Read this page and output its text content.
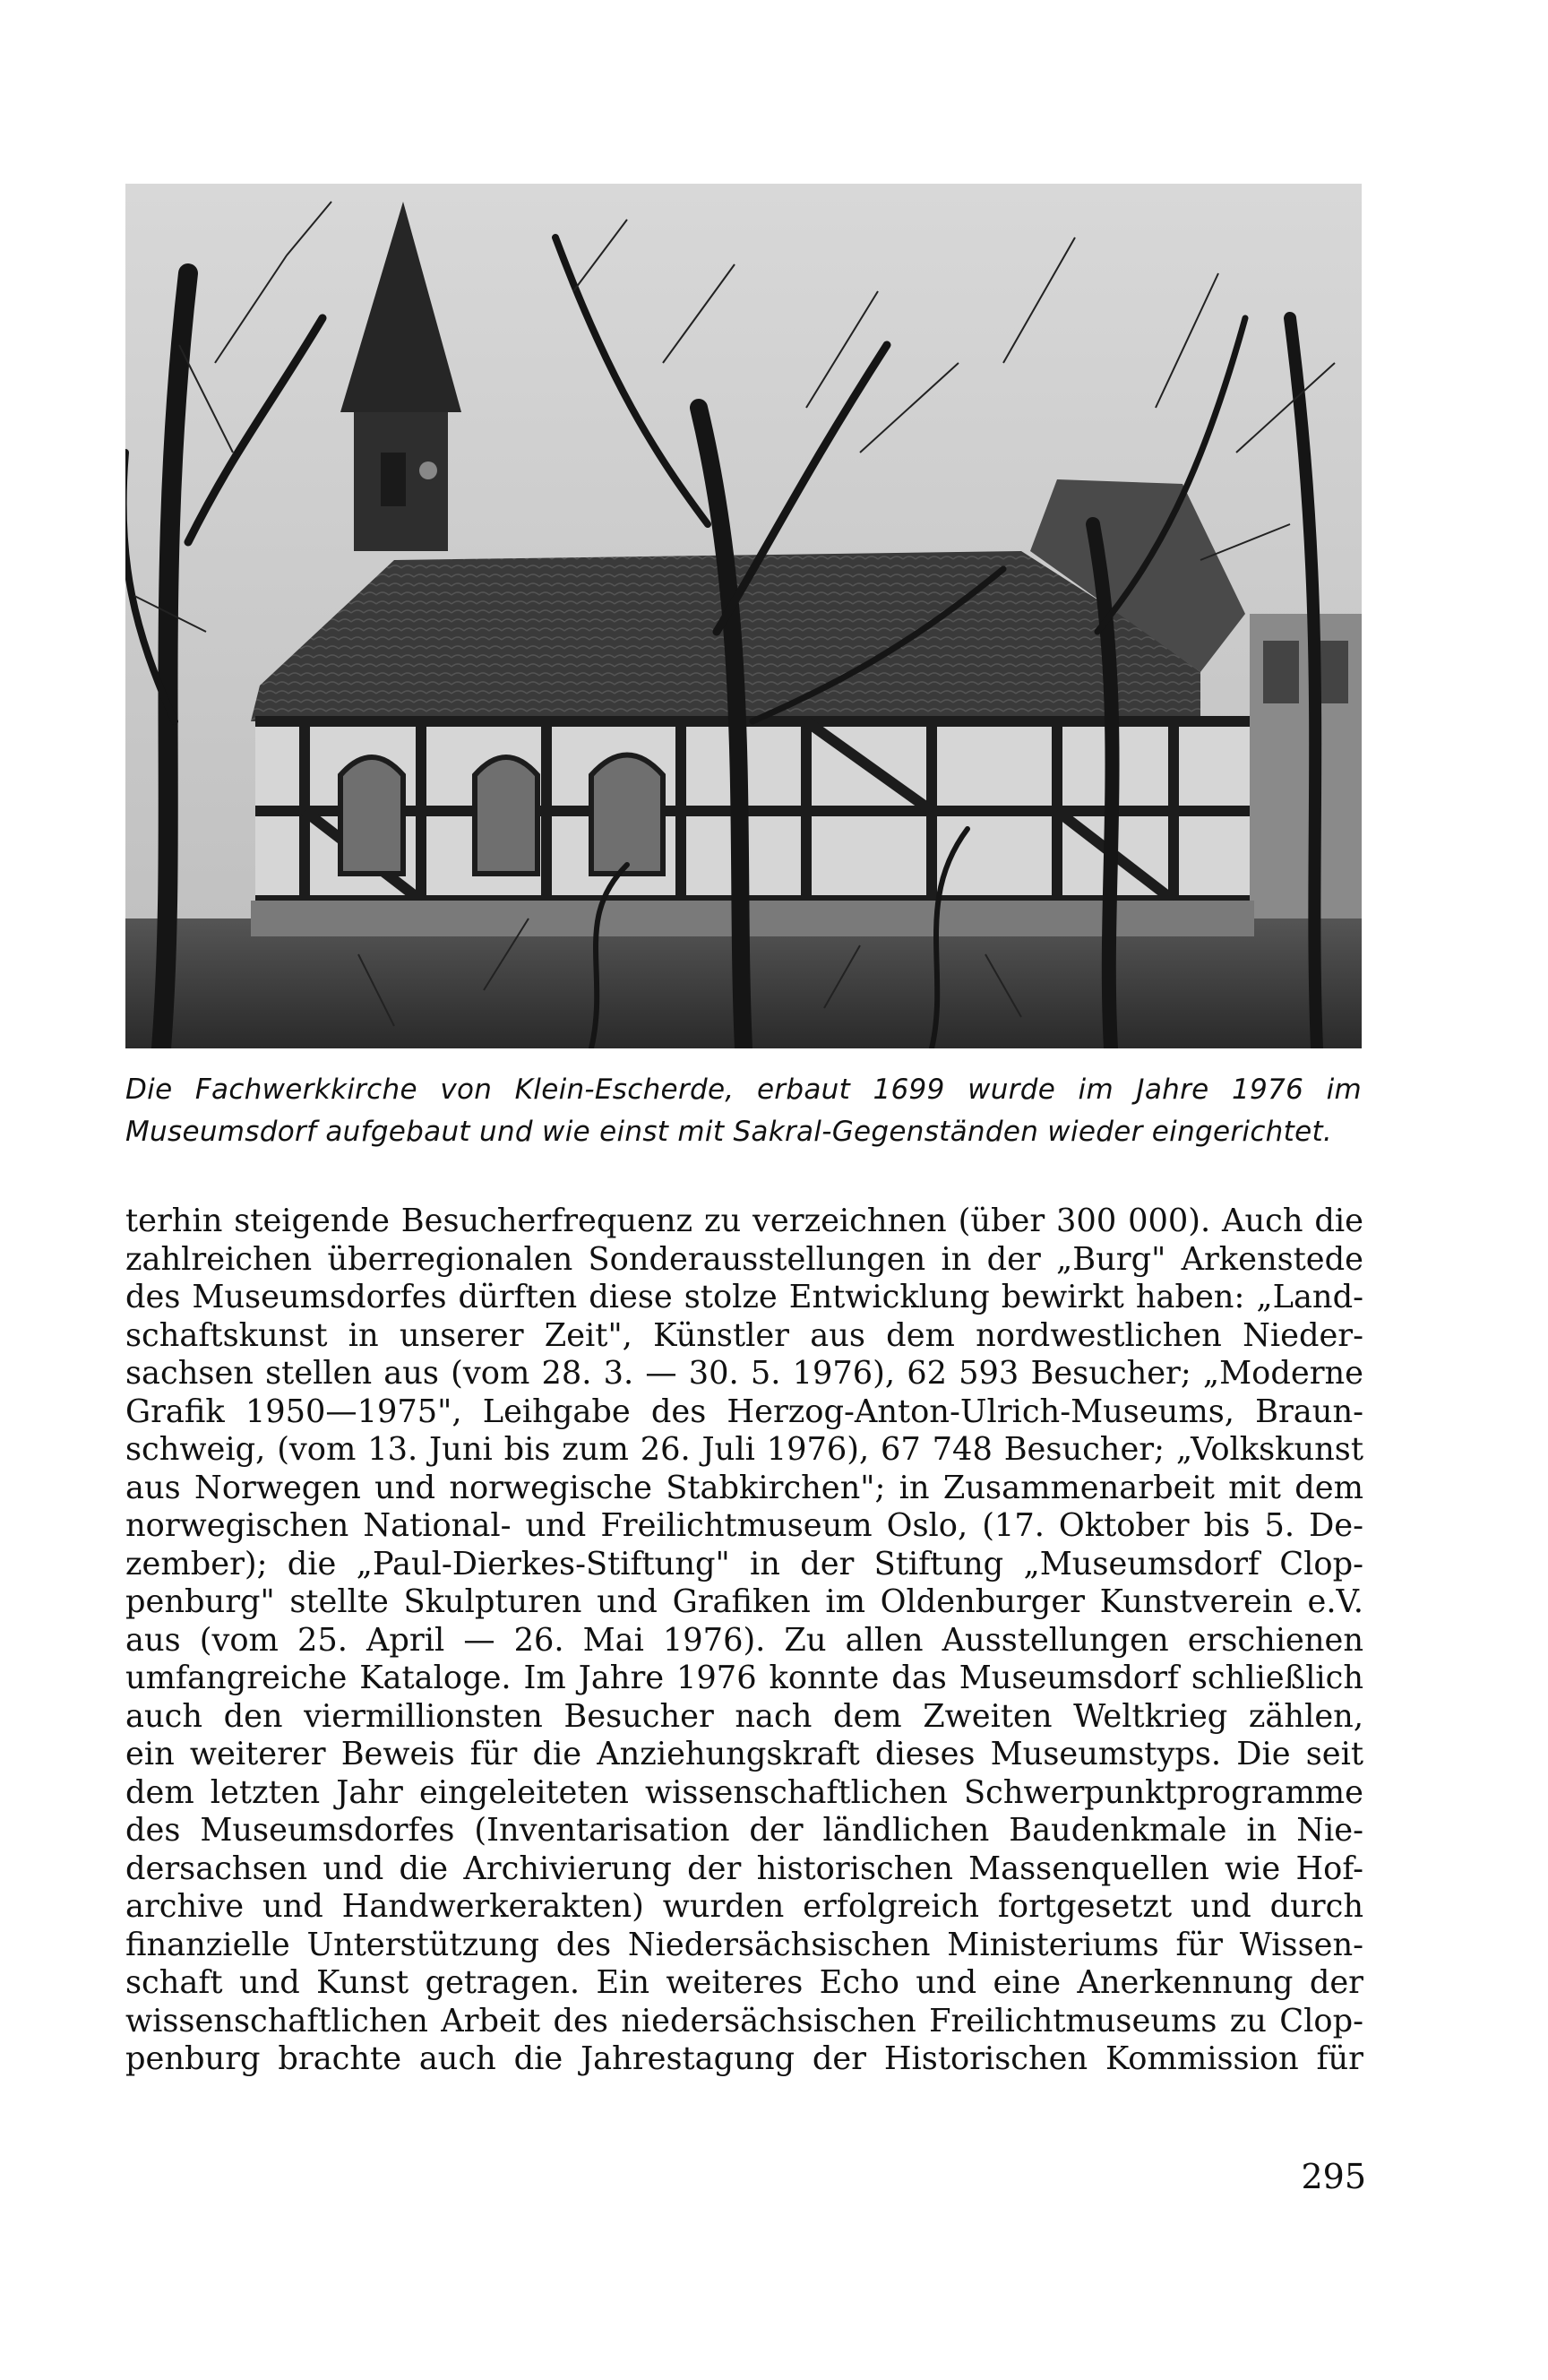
Die Fachwerkkirche von Klein-Escherde, erbaut 1699 wurde im Jahre 1976 im Museumsdorf aufgebaut und wie einst mit Sakral-Gegenständen wieder eingerichtet.

terhin steigende Besucherfrequenz zu verzeichnen (über 300 000). Auch die
zahlreichen überregionalen Sonderausstellungen in der „Burg" Arkenstede
des Museumsdorfes dürften diese stolze Entwicklung bewirkt haben: „Land-
schaftskunst in unserer Zeit", Künstler aus dem nordwestlichen Nieder-
sachsen stellen aus (vom 28. 3. — 30. 5. 1976), 62 593 Besucher; „Moderne
Grafik 1950—1975", Leihgabe des Herzog-Anton-Ulrich-Museums, Braun-
schweig, (vom 13. Juni bis zum 26. Juli 1976), 67 748 Besucher; „Volkskunst
aus Norwegen und norwegische Stabkirchen"; in Zusammenarbeit mit dem
norwegischen National- und Freilichtmuseum Oslo, (17. Oktober bis 5. De-
zember); die „Paul-Dierkes-Stiftung" in der Stiftung „Museumsdorf Clop-
penburg" stellte Skulpturen und Grafiken im Oldenburger Kunstverein e.V.
aus (vom 25. April — 26. Mai 1976). Zu allen Ausstellungen erschienen
umfangreiche Kataloge. Im Jahre 1976 konnte das Museumsdorf schließlich
auch den viermillionsten Besucher nach dem Zweiten Weltkrieg zählen,
ein weiterer Beweis für die Anziehungskraft dieses Museumstyps. Die seit
dem letzten Jahr eingeleiteten wissenschaftlichen Schwerpunktprogramme
des Museumsdorfes (Inventarisation der ländlichen Baudenkmale in Nie-
dersachsen und die Archivierung der historischen Massenquellen wie Hof-
archive und Handwerkerakten) wurden erfolgreich fortgesetzt und durch
finanzielle Unterstützung des Niedersächsischen Ministeriums für Wissen-
schaft und Kunst getragen. Ein weiteres Echo und eine Anerkennung der
wissenschaftlichen Arbeit des niedersächsischen Freilichtmuseums zu Clop-
penburg brachte auch die Jahrestagung der Historischen Kommission für

295
